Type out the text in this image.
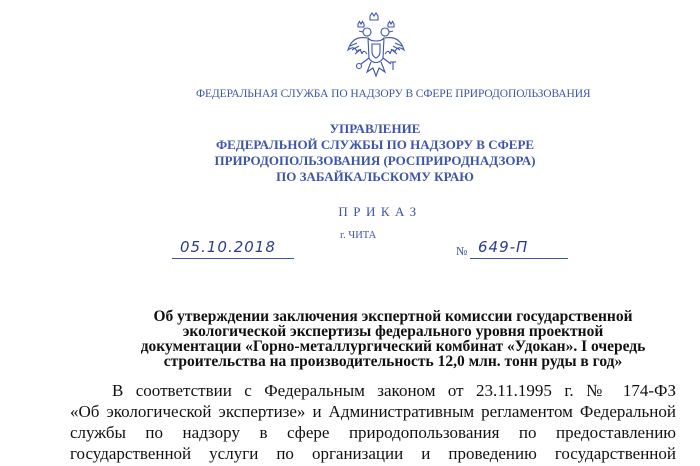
ФЕДЕРАЛЬНАЯ СЛУЖБА ПО НАДЗОРУ В СФЕРЕ ПРИРОДОПОЛЬЗОВАНИЯ
УПРАВЛЕНИЕ
ФЕДЕРАЛЬНОЙ СЛУЖБЫ ПО НАДЗОРУ В СФЕРЕ
ПРИРОДОПОЛЬЗОВАНИЯ (РОСПРИРОДНАДЗОРА)
ПО ЗАБАЙКАЛЬСКОМУ КРАЮ
ПРИКАЗ
г. ЧИТА
05.10.2018	№ 649-П
Об утверждении заключения экспертной комиссии государственной
экологической экспертизы федерального уровня проектной
документации «Горно-металлургический комбинат «Удокан». I очередь
строительства на производительность 12,0 млн. тонн руды в год»
В соответствии с Федеральным законом от 23.11.1995 г. № 174-ФЗ
«Об экологической экспертизе» и Административным регламентом Федеральной
службы по надзору в сфере природопользования по предоставлению
государственной услуги по организации и проведению государственной
